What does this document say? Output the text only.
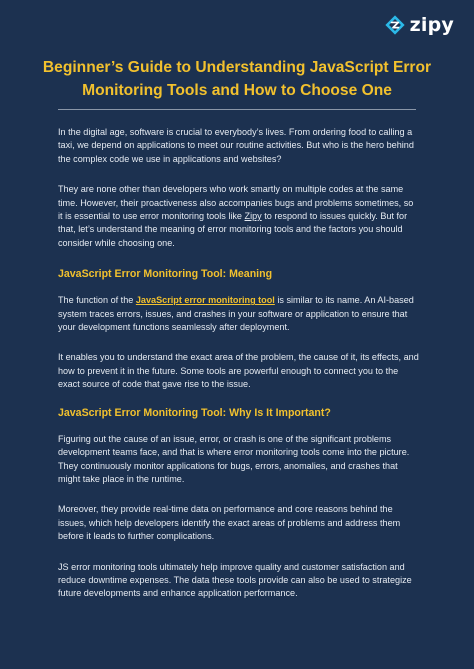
zipy
Beginner’s Guide to Understanding JavaScript Error Monitoring Tools and How to Choose One

In the digital age, software is crucial to everybody’s lives. From ordering food to calling a taxi, we depend on applications to meet our routine activities. But who is the hero behind the complex code we use in applications and websites?

They are none other than developers who work smartly on multiple codes at the same time. However, their proactiveness also accompanies bugs and problems sometimes, so it is essential to use error monitoring tools like Zipy to respond to issues quickly. But for that, let’s understand the meaning of error monitoring tools and the factors you should consider while choosing one.

JavaScript Error Monitoring Tool: Meaning

The function of the JavaScript error monitoring tool is similar to its name. An AI-based system traces errors, issues, and crashes in your software or application to ensure that your development functions seamlessly after deployment.

It enables you to understand the exact area of the problem, the cause of it, its effects, and how to prevent it in the future. Some tools are powerful enough to connect you to the exact source of code that gave rise to the issue.

JavaScript Error Monitoring Tool: Why Is It Important?

Figuring out the cause of an issue, error, or crash is one of the significant problems development teams face, and that is where error monitoring tools come into the picture. They continuously monitor applications for bugs, errors, anomalies, and crashes that might take place in the runtime.

Moreover, they provide real-time data on performance and core reasons behind the issues, which help developers identify the exact areas of problems and address them before it leads to further complications.

JS error monitoring tools ultimately help improve quality and customer satisfaction and reduce downtime expenses. The data these tools provide can also be used to strategize future developments and enhance application performance.
